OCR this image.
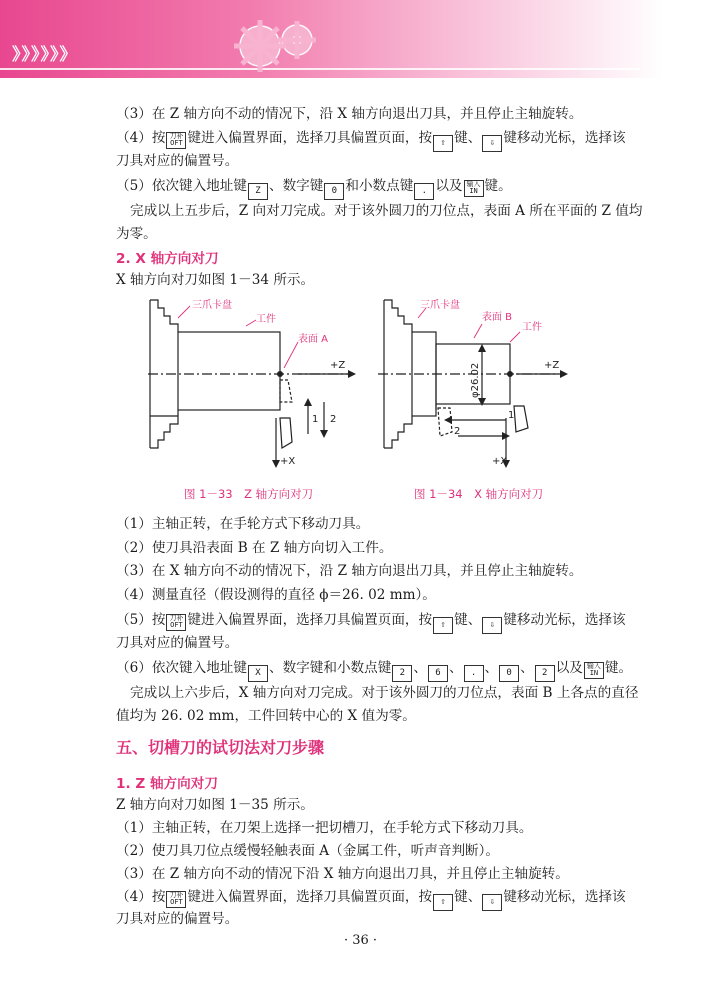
》》》》》》
（3）在 Z 轴方向不动的情况下，沿 X 轴方向退出刀具，并且停止主轴旋转。
（4）按 刀补
OFT 键进入偏置界面，选择刀具偏置页面，按 ⇧ 键、 ⇩ 键移动光标，选择该
刀具对应的偏置号。
（5）依次键入地址键 Z 、数字键 0 和小数点键 . 以及 输入
IN 键。
完成以上五步后，Z 向对刀完成。对于该外圆刀的刀位点，表面 A 所在平面的 Z 值均
为零。
2. X 轴方向对刀
X 轴方向对刀如图 1－34 所示。
三爪卡盘
工件
表面 A
+Z
+X
1 2
三爪卡盘
表面 B
工件
φ26.02	+Z
+X
1
2
图 1－33　Z 轴方向对刀	图 1－34　X 轴方向对刀
（1）主轴正转，在手轮方式下移动刀具。
（2）使刀具沿表面 B 在 Z 轴方向切入工件。
（3）在 X 轴方向不动的情况下，沿 Z 轴方向退出刀具，并且停止主轴旋转。
（4）测量直径（假设测得的直径 ϕ＝26. 02 mm）。
（5）按 刀补
OFT 键进入偏置界面，选择刀具偏置页面，按 ⇧ 键、 ⇩ 键移动光标，选择该
刀具对应的偏置号。
（6）依次键入地址键 X 、数字键和小数点键 2 、 6 、 . 、 0 、 2 以及 输入
IN 键。
完成以上六步后，X 轴方向对刀完成。对于该外圆刀的刀位点，表面 B 上各点的直径
值均为 26. 02 mm，工件回转中心的 X 值为零。
五、切槽刀的试切法对刀步骤
1. Z 轴方向对刀
Z 轴方向对刀如图 1－35 所示。
（1）主轴正转，在刀架上选择一把切槽刀，在手轮方式下移动刀具。
（2）使刀具刀位点缓慢轻触表面 A（金属工件，听声音判断）。
（3）在 Z 轴方向不动的情况下沿 X 轴方向退出刀具，并且停止主轴旋转。
（4）按 刀补
OFT 键进入偏置界面，选择刀具偏置页面，按 ⇧ 键、 ⇩ 键移动光标，选择该
刀具对应的偏置号。
· 36 ·
